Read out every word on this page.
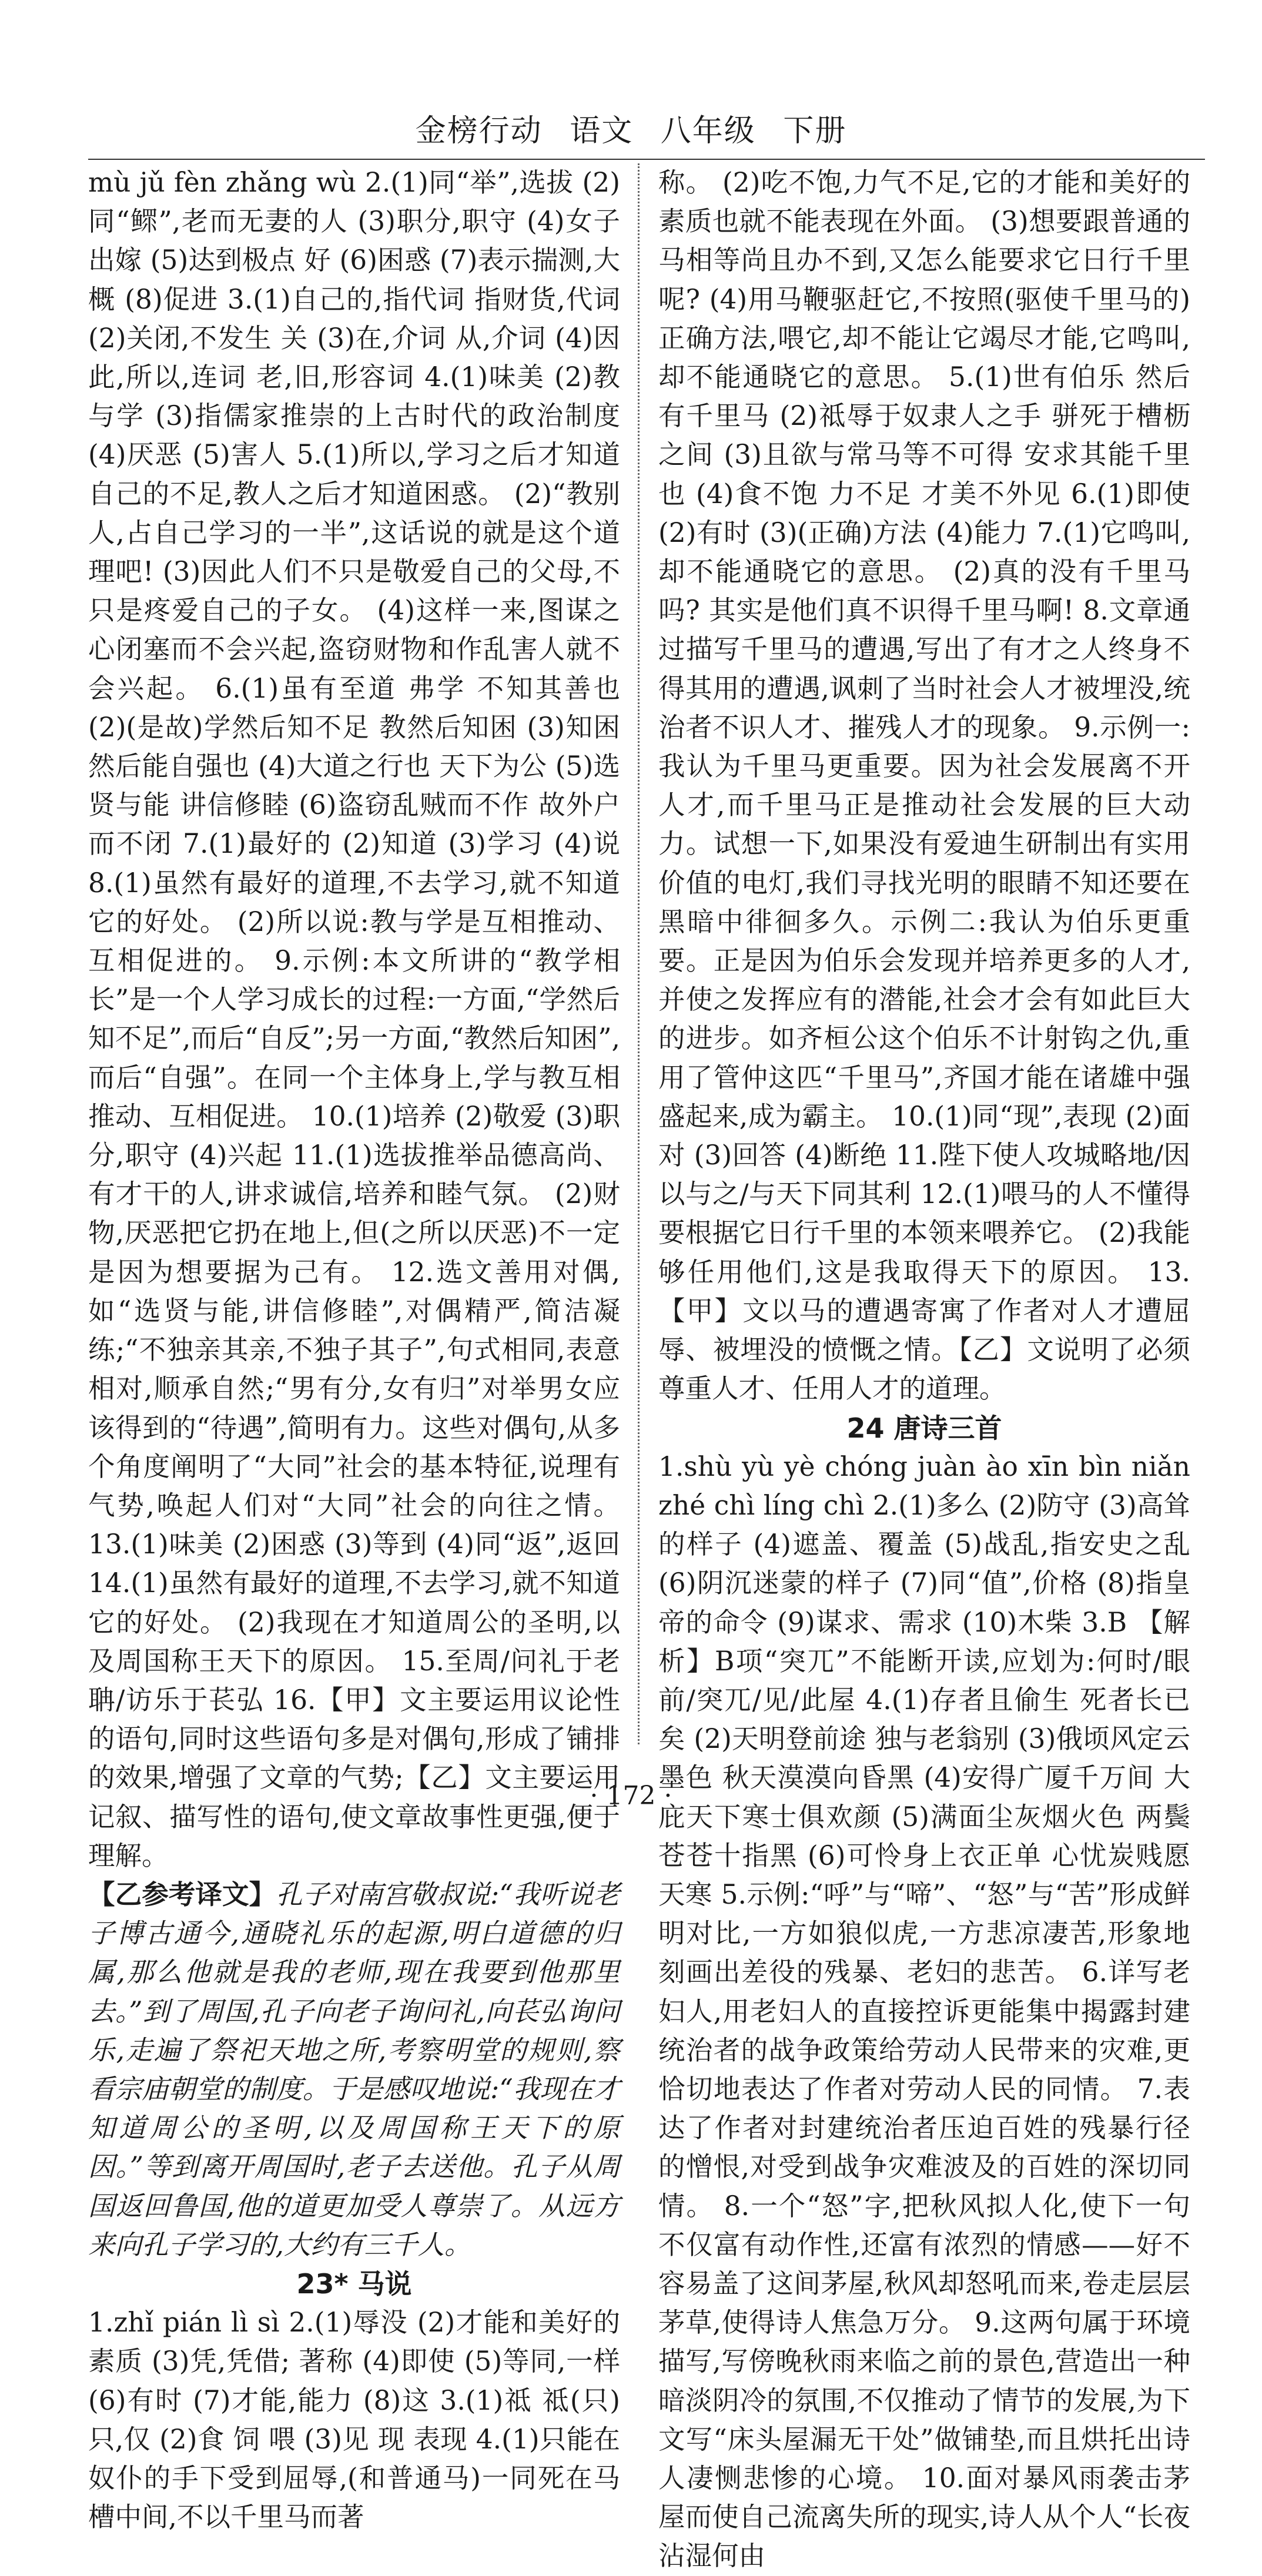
金榜行动 语文 八年级 下册

mù jǔ fèn zhǎng wù 2.(1)同“举”,选拔 (2)同“鳏”,老而无妻的人 (3)职分,职守 (4)女子出嫁 (5)达到极点 好 (6)困惑 (7)表示揣测,大概 (8)促进 3.(1)自己的,指代词 指财货,代词 (2)关闭,不发生 关 (3)在,介词 从,介词 (4)因此,所以,连词 老,旧,形容词 4.(1)味美 (2)教与学 (3)指儒家推崇的上古时代的政治制度 (4)厌恶 (5)害人 5.(1)所以,学习之后才知道自己的不足,教人之后才知道困惑。 (2)“教别人,占自己学习的一半”,这话说的就是这个道理吧! (3)因此人们不只是敬爱自己的父母,不只是疼爱自己的子女。 (4)这样一来,图谋之心闭塞而不会兴起,盗窃财物和作乱害人就不会兴起。 6.(1)虽有至道 弗学 不知其善也 (2)(是故)学然后知不足 教然后知困 (3)知困 然后能自强也 (4)大道之行也 天下为公 (5)选贤与能 讲信修睦 (6)盗窃乱贼而不作 故外户而不闭 7.(1)最好的 (2)知道 (3)学习 (4)说 8.(1)虽然有最好的道理,不去学习,就不知道它的好处。 (2)所以说:教与学是互相推动、互相促进的。 9.示例:本文所讲的“教学相长”是一个人学习成长的过程:一方面,“学然后知不足”,而后“自反”;另一方面,“教然后知困”,而后“自强”。在同一个主体身上,学与教互相推动、互相促进。 10.(1)培养 (2)敬爱 (3)职分,职守 (4)兴起 11.(1)选拔推举品德高尚、有才干的人,讲求诚信,培养和睦气氛。 (2)财物,厌恶把它扔在地上,但(之所以厌恶)不一定是因为想要据为己有。 12.选文善用对偶,如“选贤与能,讲信修睦”,对偶精严,简洁凝练;“不独亲其亲,不独子其子”,句式相同,表意相对,顺承自然;“男有分,女有归”对举男女应该得到的“待遇”,简明有力。这些对偶句,从多个角度阐明了“大同”社会的基本特征,说理有气势,唤起人们对“大同”社会的向往之情。 13.(1)味美 (2)困惑 (3)等到 (4)同“返”,返回 14.(1)虽然有最好的道理,不去学习,就不知道它的好处。 (2)我现在才知道周公的圣明,以及周国称王天下的原因。 15.至周/问礼于老聃/访乐于苌弘 16.【甲】文主要运用议论性的语句,同时这些语句多是对偶句,形成了铺排的效果,增强了文章的气势;【乙】文主要运用记叙、描写性的语句,使文章故事性更强,便于理解。

【乙参考译文】孔子对南宫敬叔说:“我听说老子博古通今,通晓礼乐的起源,明白道德的归属,那么他就是我的老师,现在我要到他那里去。”到了周国,孔子向老子询问礼,向苌弘询问乐,走遍了祭祀天地之所,考察明堂的规则,察看宗庙朝堂的制度。于是感叹地说:“我现在才知道周公的圣明,以及周国称王天下的原因。”等到离开周国时,老子去送他。孔子从周国返回鲁国,他的道更加受人尊崇了。从远方来向孔子学习的,大约有三千人。

23* 马说

1.zhǐ pián lì sì 2.(1)辱没 (2)才能和美好的素质 (3)凭,凭借; 著称 (4)即使 (5)等同,一样 (6)有时 (7)才能,能力 (8)这 3.(1)祗 祗(只) 只,仅 (2)食 饲 喂 (3)见 现 表现 4.(1)只能在奴仆的手下受到屈辱,(和普通马)一同死在马槽中间,不以千里马而著

称。 (2)吃不饱,力气不足,它的才能和美好的素质也就不能表现在外面。 (3)想要跟普通的马相等尚且办不到,又怎么能要求它日行千里呢? (4)用马鞭驱赶它,不按照(驱使千里马的)正确方法,喂它,却不能让它竭尽才能,它鸣叫,却不能通晓它的意思。 5.(1)世有伯乐 然后有千里马 (2)祗辱于奴隶人之手 骈死于槽枥之间 (3)且欲与常马等不可得 安求其能千里也 (4)食不饱 力不足 才美不外见 6.(1)即使 (2)有时 (3)(正确)方法 (4)能力 7.(1)它鸣叫,却不能通晓它的意思。 (2)真的没有千里马吗? 其实是他们真不识得千里马啊! 8.文章通过描写千里马的遭遇,写出了有才之人终身不得其用的遭遇,讽刺了当时社会人才被埋没,统治者不识人才、摧残人才的现象。 9.示例一:我认为千里马更重要。因为社会发展离不开人才,而千里马正是推动社会发展的巨大动力。试想一下,如果没有爱迪生研制出有实用价值的电灯,我们寻找光明的眼睛不知还要在黑暗中徘徊多久。示例二:我认为伯乐更重要。正是因为伯乐会发现并培养更多的人才,并使之发挥应有的潜能,社会才会有如此巨大的进步。如齐桓公这个伯乐不计射钩之仇,重用了管仲这匹“千里马”,齐国才能在诸雄中强盛起来,成为霸主。 10.(1)同“现”,表现 (2)面对 (3)回答 (4)断绝 11.陛下使人攻城略地/因以与之/与天下同其利 12.(1)喂马的人不懂得要根据它日行千里的本领来喂养它。 (2)我能够任用他们,这是我取得天下的原因。 13.【甲】文以马的遭遇寄寓了作者对人才遭屈辱、被埋没的愤慨之情。【乙】文说明了必须尊重人才、任用人才的道理。

24 唐诗三首

1.shù yù yè chóng juàn ào xīn bìn niǎn zhé chì líng chì 2.(1)多么 (2)防守 (3)高耸的样子 (4)遮盖、覆盖 (5)战乱,指安史之乱 (6)阴沉迷蒙的样子 (7)同“值”,价格 (8)指皇帝的命令 (9)谋求、需求 (10)木柴 3.B 【解析】B项“突兀”不能断开读,应划为:何时/眼前/突兀/见/此屋 4.(1)存者且偷生 死者长已矣 (2)天明登前途 独与老翁别 (3)俄顷风定云墨色 秋天漠漠向昏黑 (4)安得广厦千万间 大庇天下寒士俱欢颜 (5)满面尘灰烟火色 两鬓苍苍十指黑 (6)可怜身上衣正单 心忧炭贱愿天寒 5.示例:“呼”与“啼”、“怒”与“苦”形成鲜明对比,一方如狼似虎,一方悲凉凄苦,形象地刻画出差役的残暴、老妇的悲苦。 6.详写老妇人,用老妇人的直接控诉更能集中揭露封建统治者的战争政策给劳动人民带来的灾难,更恰切地表达了作者对劳动人民的同情。 7.表达了作者对封建统治者压迫百姓的残暴行径的憎恨,对受到战争灾难波及的百姓的深切同情。 8.一个“怒”字,把秋风拟人化,使下一句不仅富有动作性,还富有浓烈的情感——好不容易盖了这间茅屋,秋风却怒吼而来,卷走层层茅草,使得诗人焦急万分。 9.这两句属于环境描写,写傍晚秋雨来临之前的景色,营造出一种暗淡阴冷的氛围,不仅推动了情节的发展,为下文写“床头屋漏无干处”做铺垫,而且烘托出诗人凄恻悲惨的心境。 10.面对暴风雨袭击茅屋而使自己流离失所的现实,诗人从个人“长夜沾湿何由

· 172 ·
